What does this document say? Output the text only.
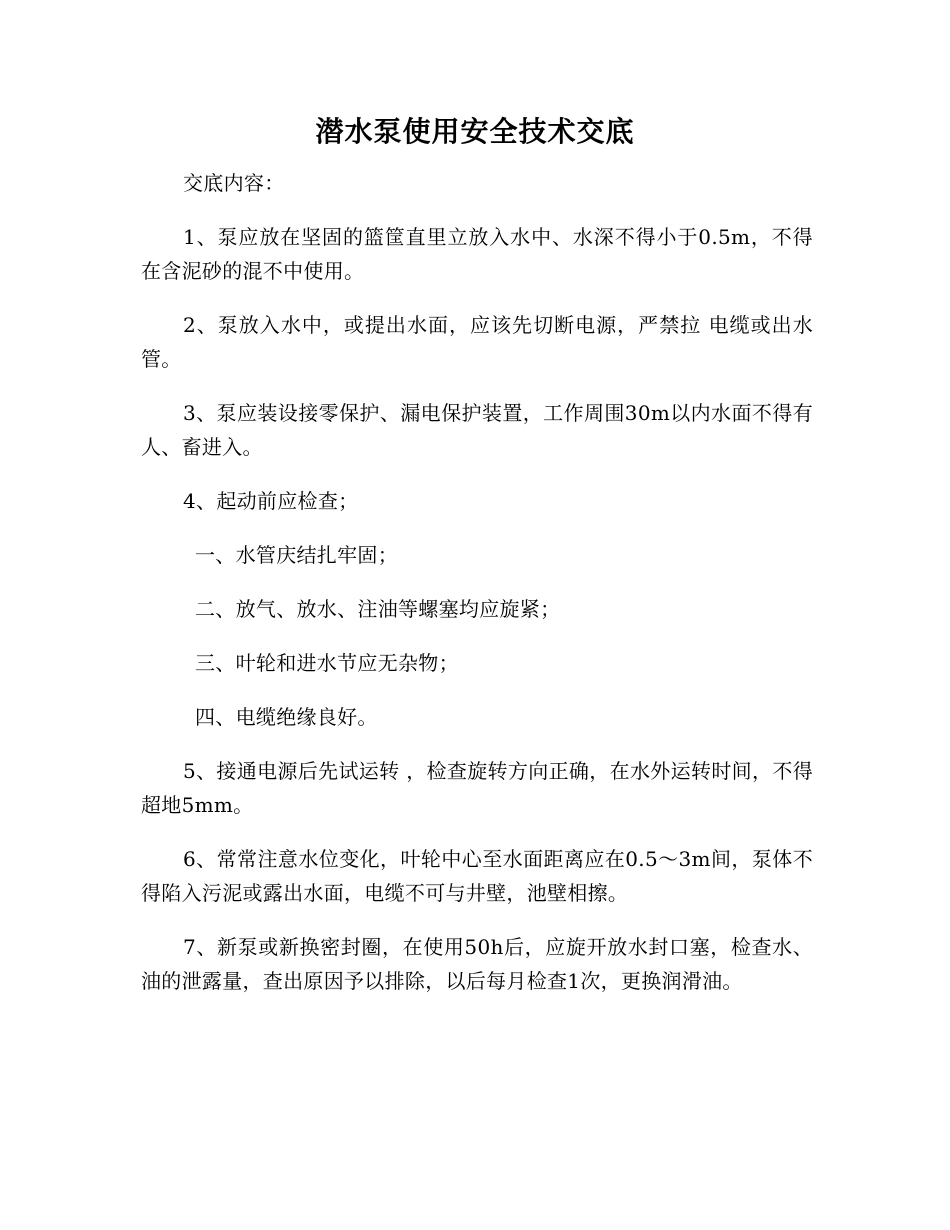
潜水泵使用安全技术交底

交底内容：

1、泵应放在坚固的篮筐直里立放入水中、水深不得小于0.5m，不得在含泥砂的混不中使用。

2、泵放入水中，或提出水面，应该先切断电源，严禁拉 电缆或出水管。

3、泵应装设接零保护、漏电保护装置，工作周围30m以内水面不得有人、畜进入。

4、起动前应检查；

一、水管庆结扎牢固；

二、放气、放水、注油等螺塞均应旋紧；

三、叶轮和进水节应无杂物；

四、电缆绝缘良好。

5、接通电源后先试运转 ，检查旋转方向正确，在水外运转时间，不得超地5mm。

6、常常注意水位变化，叶轮中心至水面距离应在0.5～3m间，泵体不得陷入污泥或露出水面，电缆不可与井壁，池壁相擦。

7、新泵或新换密封圈，在使用50h后，应旋开放水封口塞，检查水、油的泄露量，查出原因予以排除，以后每月检查1次，更换润滑油。
